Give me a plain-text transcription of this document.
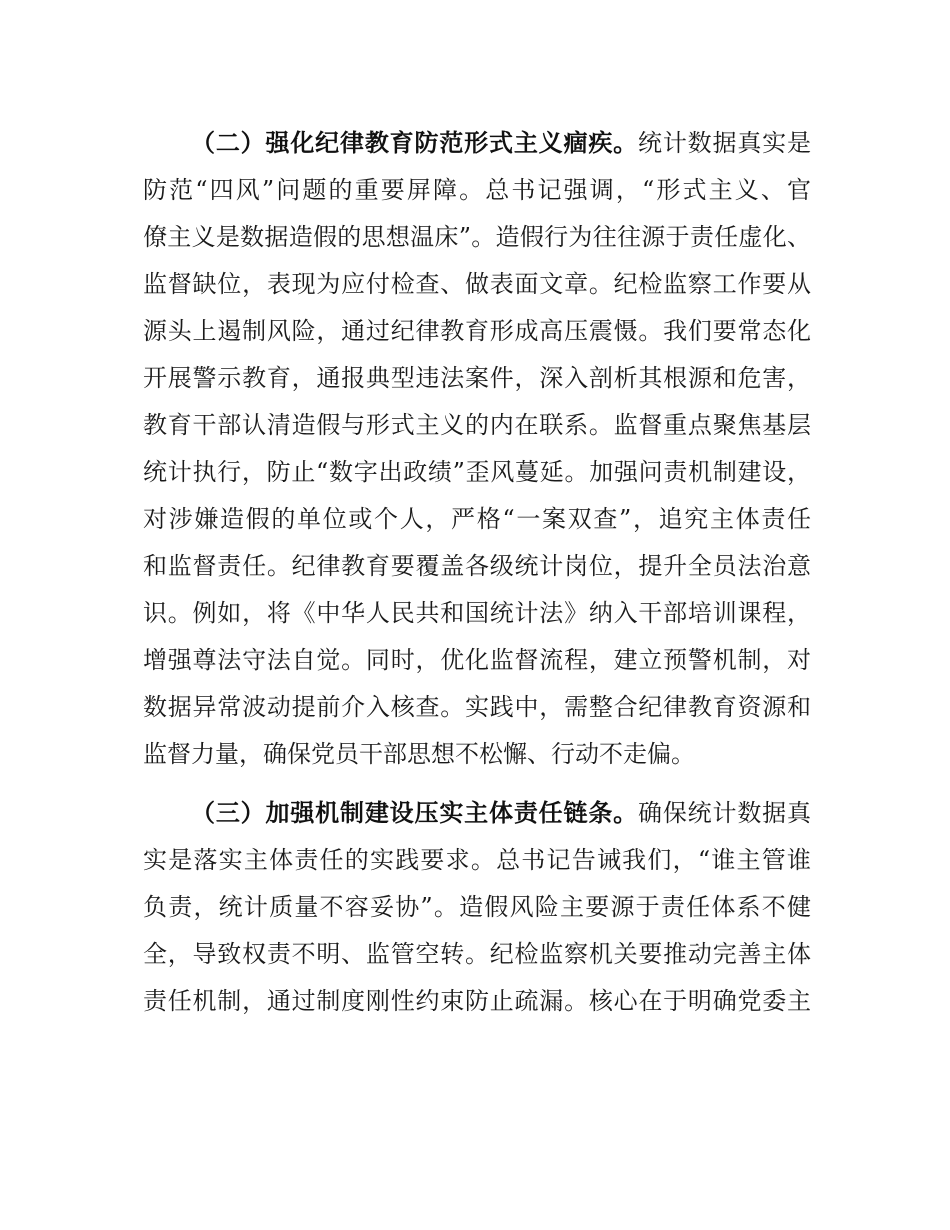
（二）强化纪律教育防范形式主义痼疾。统计数据真实是
防范“四风”问题的重要屏障。总书记强调，“形式主义、官
僚主义是数据造假的思想温床”。造假行为往往源于责任虚化、
监督缺位，表现为应付检查、做表面文章。纪检监察工作要从
源头上遏制风险，通过纪律教育形成高压震慑。我们要常态化
开展警示教育，通报典型违法案件，深入剖析其根源和危害，
教育干部认清造假与形式主义的内在联系。监督重点聚焦基层
统计执行，防止“数字出政绩”歪风蔓延。加强问责机制建设，
对涉嫌造假的单位或个人，严格“一案双查”，追究主体责任
和监督责任。纪律教育要覆盖各级统计岗位，提升全员法治意
识。例如，将《中华人民共和国统计法》纳入干部培训课程，
增强尊法守法自觉。同时，优化监督流程，建立预警机制，对
数据异常波动提前介入核查。实践中，需整合纪律教育资源和
监督力量，确保党员干部思想不松懈、行动不走偏。
（三）加强机制建设压实主体责任链条。确保统计数据真
实是落实主体责任的实践要求。总书记告诫我们，“谁主管谁
负责，统计质量不容妥协”。造假风险主要源于责任体系不健
全，导致权责不明、监管空转。纪检监察机关要推动完善主体
责任机制，通过制度刚性约束防止疏漏。核心在于明确党委主
